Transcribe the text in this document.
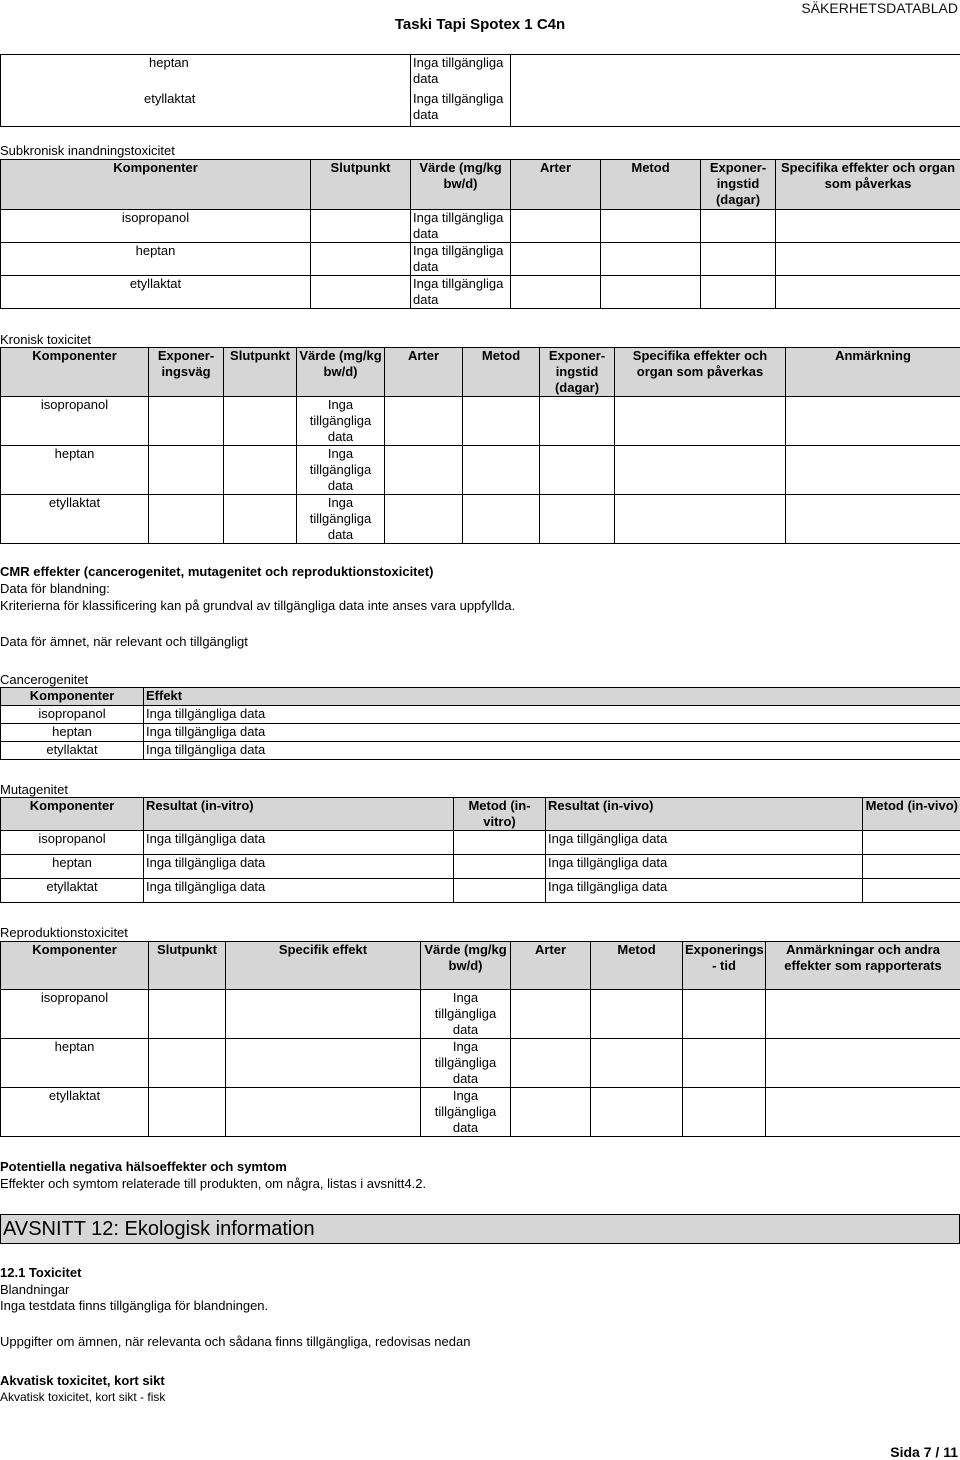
Taski Tapi Spotex 1 C4n
SÄKERHETSDATABLAD
heptan	Inga tillgängliga data	
etyllaktat	Inga tillgängliga data	
Subkronisk inandningstoxicitet
Komponenter	Slutpunkt	Värde (mg/kg bw/d)	Arter	Metod	Exponer- ingstid (dagar)	Specifika effekter och organ som påverkas
isopropanol		Inga tillgängliga data				
heptan		Inga tillgängliga data				
etyllaktat		Inga tillgängliga data				
Kronisk toxicitet
Komponenter	Exponer- ingsväg	Slutpunkt	Värde (mg/kg bw/d)	Arter	Metod	Exponer- ingstid (dagar)	Specifika effekter och organ som påverkas	Anmärkning
isopropanol			Inga tillgängliga data					
heptan			Inga tillgängliga data					
etyllaktat			Inga tillgängliga data					
CMR effekter (cancerogenitet, mutagenitet och reproduktionstoxicitet)
Data för blandning:
Kriterierna för klassificering kan på grundval av tillgängliga data inte anses vara uppfyllda.
Data för ämnet, när relevant och tillgängligt
Cancerogenitet
Komponenter	Effekt
isopropanol	Inga tillgängliga data
heptan	Inga tillgängliga data
etyllaktat	Inga tillgängliga data
Mutagenitet
Komponenter	Resultat (in-vitro)	Metod (in-vitro)	Resultat (in-vivo)	Metod (in-vivo)
isopropanol	Inga tillgängliga data		Inga tillgängliga data	
heptan	Inga tillgängliga data		Inga tillgängliga data	
etyllaktat	Inga tillgängliga data		Inga tillgängliga data	
Reproduktionstoxicitet
Komponenter	Slutpunkt	Specifik effekt	Värde (mg/kg bw/d)	Arter	Metod	Exponerings - tid	Anmärkningar och andra effekter som rapporterats
isopropanol			Inga tillgängliga data				
heptan			Inga tillgängliga data				
etyllaktat			Inga tillgängliga data				
Potentiella negativa hälsoeffekter och symtom
Effekter och symtom relaterade till produkten, om några, listas i avsnitt4.2.
AVSNITT 12: Ekologisk information
12.1 Toxicitet
Blandningar
Inga testdata finns tillgängliga för blandningen.
Uppgifter om ämnen, när relevanta och sådana finns tillgängliga, redovisas nedan
Akvatisk toxicitet, kort sikt
Akvatisk toxicitet, kort sikt - fisk
Sida 7 / 11
